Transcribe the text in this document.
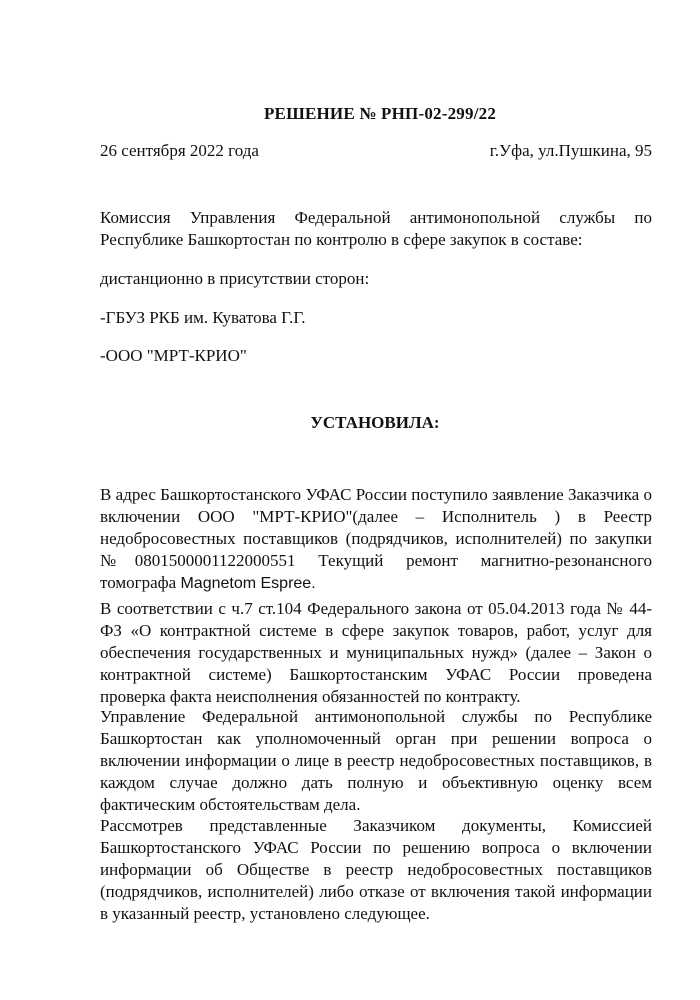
РЕШЕНИЕ № РНП-02-299/22
26 сентября 2022 года	г.Уфа, ул.Пушкина, 95

Комиссия Управления Федеральной антимонопольной службы по Республике Башкортостан по контролю в сфере закупок в составе:

дистанционно в присутствии сторон:

-ГБУЗ РКБ им. Куватова Г.Г.

-ООО "МРТ-КРИО"

УСТАНОВИЛА:

В адрес Башкортостанского УФАС России поступило заявление Заказчика о включении ООО "МРТ-КРИО"(далее – Исполнитель ) в Реестр недобросовестных поставщиков (подрядчиков, исполнителей) по закупки №0801500001122000551 Текущий ремонт магнитно-резонансного томографа Magnetom Espree.

В соответствии с ч.7 ст.104 Федерального закона от 05.04.2013 года № 44-ФЗ «О контрактной системе в сфере закупок товаров, работ, услуг для обеспечения государственных и муниципальных нужд» (далее – Закон о контрактной системе) Башкортостанским УФАС России проведена проверка факта неисполнения обязанностей по контракту.

Управление Федеральной антимонопольной службы по Республике Башкортостан как уполномоченный орган при решении вопроса о включении информации о лице в реестр недобросовестных поставщиков, в каждом случае должно дать полную и объективную оценку всем фактическим обстоятельствам дела.

Рассмотрев представленные Заказчиком документы, Комиссией Башкортостанского УФАС России по решению вопроса о включении информации об Обществе в реестр недобросовестных поставщиков (подрядчиков, исполнителей) либо отказе от включения такой информации в указанный реестр, установлено следующее.
